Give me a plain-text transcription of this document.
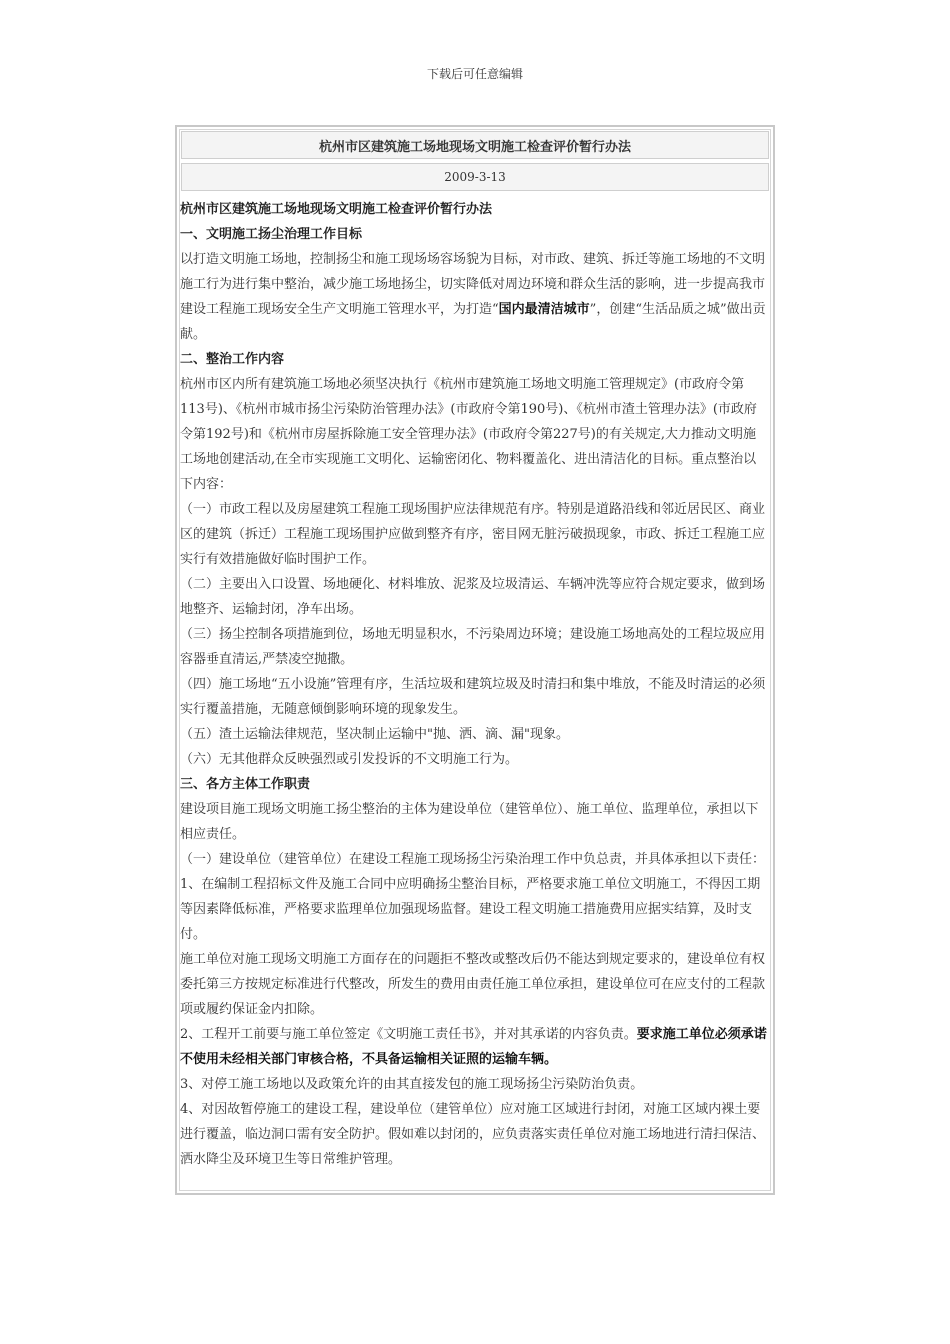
下载后可任意编辑
杭州市区建筑施工场地现场文明施工检查评价暂行办法
2009-3-13

杭州市区建筑施工场地现场文明施工检查评价暂行办法

一、文明施工扬尘治理工作目标

以打造文明施工场地，控制扬尘和施工现场场容场貌为目标，对市政、建筑、拆迁等施工场地的不文明施工行为进行集中整治，减少施工场地扬尘，切实降低对周边环境和群众生活的影响，进一步提高我市建设工程施工现场安全生产文明施工管理水平，为打造“国内最清洁城市”，创建“生活品质之城”做出贡献。

二、整治工作内容

杭州市区内所有建筑施工场地必须坚决执行《杭州市建筑施工场地文明施工管理规定》(市政府令第113号)、《杭州市城市扬尘污染防治管理办法》(市政府令第190号)、《杭州市渣土管理办法》(市政府令第192号)和《杭州市房屋拆除施工安全管理办法》(市政府令第227号)的有关规定,大力推动文明施工场地创建活动,在全市实现施工文明化、运输密闭化、物料覆盖化、进出清洁化的目标。重点整治以下内容：

（一）市政工程以及房屋建筑工程施工现场围护应法律规范有序。特别是道路沿线和邻近居民区、商业区的建筑（拆迁）工程施工现场围护应做到整齐有序，密目网无脏污破损现象，市政、拆迁工程施工应实行有效措施做好临时围护工作。

（二）主要出入口设置、场地硬化、材料堆放、泥浆及垃圾清运、车辆冲洗等应符合规定要求，做到场地整齐、运输封闭，净车出场。

（三）扬尘控制各项措施到位，场地无明显积水，不污染周边环境；建设施工场地高处的工程垃圾应用容器垂直清运,严禁凌空抛撒。

（四）施工场地“五小设施”管理有序，生活垃圾和建筑垃圾及时清扫和集中堆放，不能及时清运的必须实行覆盖措施，无随意倾倒影响环境的现象发生。

（五）渣土运输法律规范，坚决制止运输中"抛、洒、滴、漏"现象。

（六）无其他群众反映强烈或引发投诉的不文明施工行为。

三、各方主体工作职责

建设项目施工现场文明施工扬尘整治的主体为建设单位（建管单位）、施工单位、监理单位，承担以下相应责任。

（一）建设单位（建管单位）在建设工程施工现场扬尘污染治理工作中负总责，并具体承担以下责任：

1、在编制工程招标文件及施工合同中应明确扬尘整治目标，严格要求施工单位文明施工，不得因工期等因素降低标准，严格要求监理单位加强现场监督。建设工程文明施工措施费用应据实结算，及时支付。

施工单位对施工现场文明施工方面存在的问题拒不整改或整改后仍不能达到规定要求的，建设单位有权委托第三方按规定标准进行代整改，所发生的费用由责任施工单位承担，建设单位可在应支付的工程款项或履约保证金内扣除。

2、工程开工前要与施工单位签定《文明施工责任书》，并对其承诺的内容负责。要求施工单位必须承诺不使用未经相关部门审核合格，不具备运输相关证照的运输车辆。

3、对停工施工场地以及政策允许的由其直接发包的施工现场扬尘污染防治负责。

4、对因故暂停施工的建设工程，建设单位（建管单位）应对施工区域进行封闭，对施工区域内裸土要进行覆盖，临边洞口需有安全防护。假如难以封闭的，应负责落实责任单位对施工场地进行清扫保洁、洒水降尘及环境卫生等日常维护管理。
